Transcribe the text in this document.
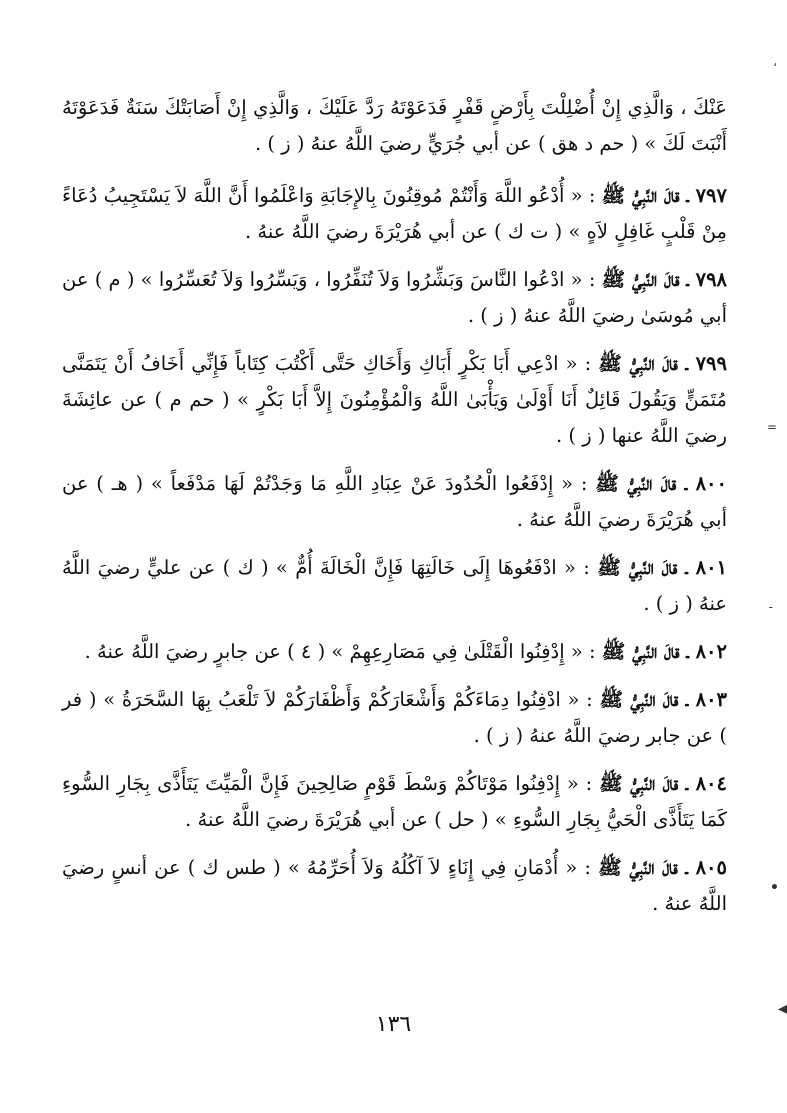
،
=
-
•
◂

عَنْكَ ، وَالَّذِي إِنْ أُضْلِلْتَ بِأَرْضٍ قَفْرٍ فَدَعَوْتَهُ رَدَّ عَلَيْكَ ، وَالَّذِي إِنْ أَصَابَتْكَ سَنَةٌ فَدَعَوْتَهُ أَنْبَتَ لَكَ » ( حم د هق ) عن أبي جُرَيٍّ رضيَ اللَّهُ عنهُ ( ز ) .

٧٩٧ ـ قالَ النَّبِيُّ ﷺ : « أُدْعُو اللَّهَ وَأَنْتُمْ مُوقِنُونَ بِالإِجَابَةِ وَاعْلَمُوا أَنَّ اللَّهَ لاَ يَسْتَجِيبُ دُعَاءً مِنْ قَلْبٍ غَافِلٍ لاَهٍ » ( ت ك ) عن أبي هُرَيْرَةَ رضيَ اللَّهُ عنهُ .

٧٩٨ ـ قالَ النَّبِيُّ ﷺ : « ادْعُوا النَّاسَ وَبَشِّرُوا وَلاَ تُنَفِّرُوا ، وَيَسِّرُوا وَلاَ تُعَسِّرُوا » ( م ) عن أبي مُوسَىٰ رضيَ اللَّهُ عنهُ ( ز ) .

٧٩٩ ـ قالَ النَّبِيُّ ﷺ : « ادْعِي أَبَا بَكْرٍ أَبَاكِ وَأَخَاكِ حَتَّى أَكْتُبَ كِتَاباً فَإِنِّي أَخَافُ أَنْ يَتَمَنَّى مُتَمَنٍّ وَيَقُولَ قَائِلٌ أَنَا أَوْلَىٰ وَيَأْبَىٰ اللَّهُ وَالْمُؤْمِنُونَ إِلاَّ أَبَا بَكْرٍ » ( حم م ) عن عائِشَةَ رضيَ اللَّهُ عنها ( ز ) .

٨٠٠ ـ قالَ النَّبِيُّ ﷺ : « إِدْفَعُوا الْحُدُودَ عَنْ عِبَادِ اللَّهِ مَا وَجَدْتُمْ لَهَا مَدْفَعاً » ( هـ ) عن أبي هُرَيْرَةَ رضيَ اللَّهُ عنهُ .

٨٠١ ـ قالَ النَّبِيُّ ﷺ : « ادْفَعُوهَا إِلَى خَالَتِهَا فَإِنَّ الْخَالَةَ أُمٌّ » ( ك ) عن عليٍّ رضيَ اللَّهُ عنهُ ( ز ) .

٨٠٢ ـ قالَ النَّبِيُّ ﷺ : « إِدْفِنُوا الْقَتْلَىٰ فِي مَصَارِعِهِمْ » ( ٤ ) عن جابرٍ رضيَ اللَّهُ عنهُ .

٨٠٣ ـ قالَ النَّبِيُّ ﷺ : « ادْفِنُوا دِمَاءَكُمْ وَأَشْعَارَكُمْ وَأَظْفَارَكُمْ لاَ تَلْعَبُ بِهَا السَّحَرَةُ » ( فر ) عن جابر رضيَ اللَّهُ عنهُ ( ز ) .

٨٠٤ ـ قالَ النَّبِيُّ ﷺ : « إِدْفِنُوا مَوْتَاكُمْ وَسْطَ قَوْمٍ صَالِحِينَ فَإِنَّ الْمَيِّتَ يَتَأَذَّى بِجَارِ السُّوءِ كَمَا يَتَأَذَّى الْحَيُّ بِجَارِ السُّوءِ » ( حل ) عن أبي هُرَيْرَةَ رضيَ اللَّهُ عنهُ .

٨٠٥ ـ قالَ النَّبِيُّ ﷺ : « أُدْمَانِ فِي إِنَاءٍ لاَ آكُلُهُ وَلاَ أُحَرِّمُهُ » ( طس ك ) عن أنسٍ رضيَ اللَّهُ عنهُ .

١٣٦
